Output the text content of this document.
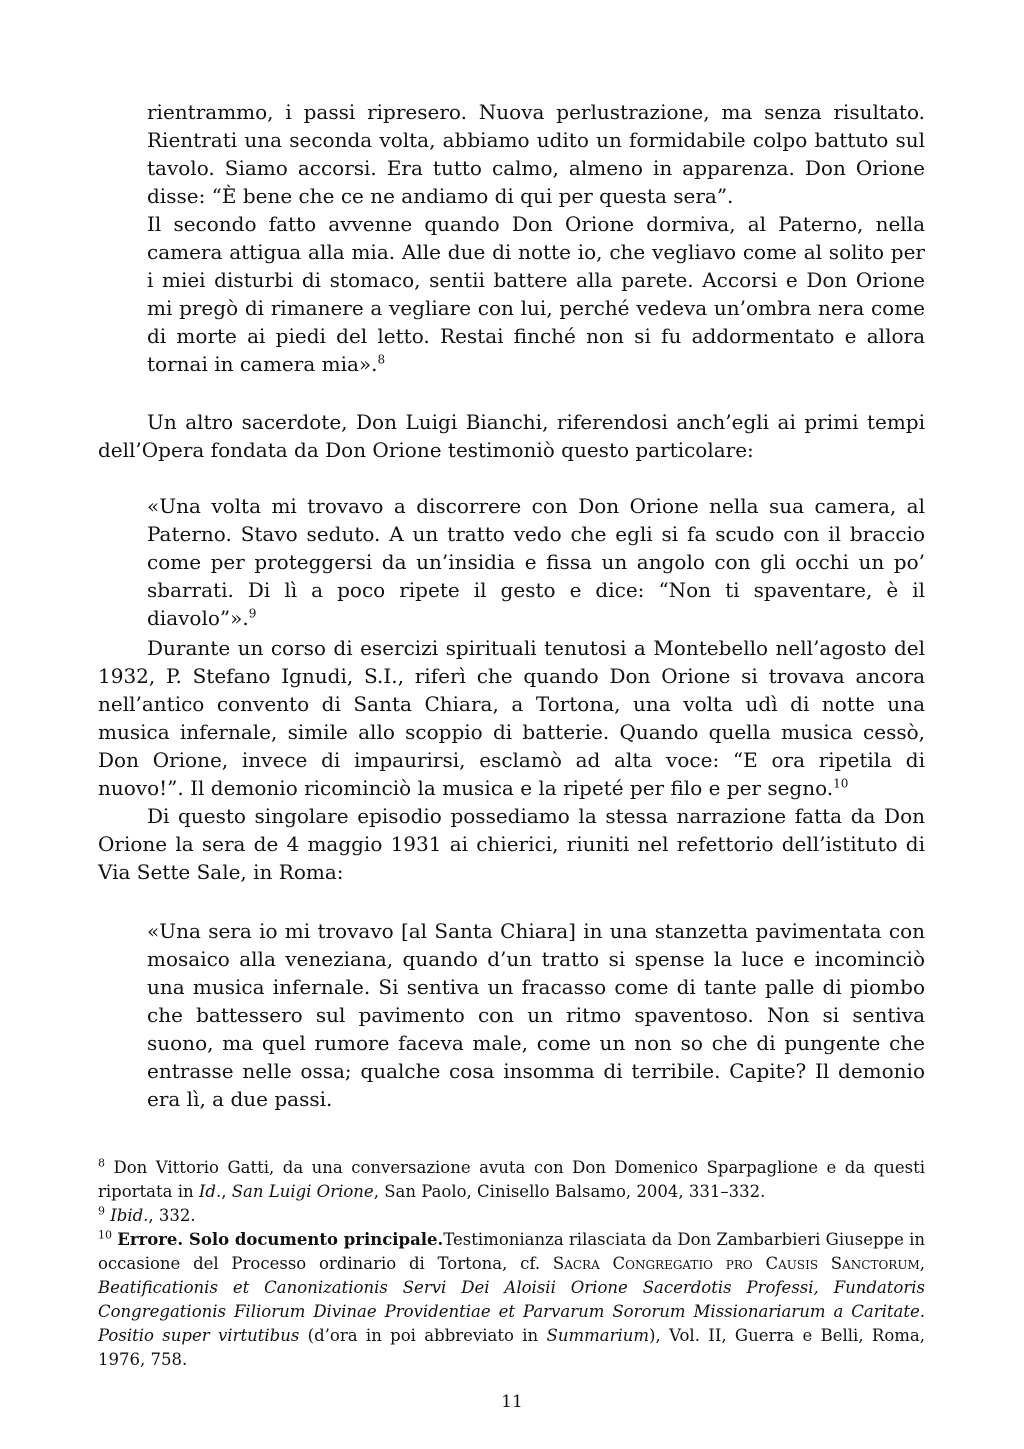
rientrammo, i passi ripresero. Nuova perlustrazione, ma senza risultato. Rientrati una seconda volta, abbiamo udito un formidabile colpo battuto sul tavolo. Siamo accorsi. Era tutto calmo, almeno in apparenza. Don Orione disse: “È bene che ce ne andiamo di qui per questa sera”.

Il secondo fatto avvenne quando Don Orione dormiva, al Paterno, nella camera attigua alla mia. Alle due di notte io, che vegliavo come al solito per i miei disturbi di stomaco, sentii battere alla parete. Accorsi e Don Orione mi pregò di rimanere a vegliare con lui, perché vedeva un’ombra nera come di morte ai piedi del letto. Restai finché non si fu addormentato e allora tornai in camera mia».$^8$

Un altro sacerdote, Don Luigi Bianchi, riferendosi anch’egli ai primi tempi dell’Opera fondata da Don Orione testimoniò questo particolare:

«Una volta mi trovavo a discorrere con Don Orione nella sua camera, al Paterno. Stavo seduto. A un tratto vedo che egli si fa scudo con il braccio come per proteggersi da un’insidia e fissa un angolo con gli occhi un po’ sbarrati. Di lì a poco ripete il gesto e dice: “Non ti spaventare, è il diavolo”».$^9$

Durante un corso di esercizi spirituali tenutosi a Montebello nell’agosto del 1932, P. Stefano Ignudi, S.I., riferì che quando Don Orione si trovava ancora nell’antico convento di Santa Chiara, a Tortona, una volta udì di notte una musica infernale, simile allo scoppio di batterie. Quando quella musica cessò, Don Orione, invece di impaurirsi, esclamò ad alta voce: “E ora ripetila di nuovo!”. Il demonio ricominciò la musica e la ripeté per filo e per segno.$^{10}$
Di questo singolare episodio possediamo la stessa narrazione fatta da Don Orione la sera de 4 maggio 1931 ai chierici, riuniti nel refettorio dell’istituto di Via Sette Sale, in Roma:
«Una sera io mi trovavo [al Santa Chiara] in una stanzetta pavimentata con mosaico alla veneziana, quando d’un tratto si spense la luce e incominciò una musica infernale. Si sentiva un fracasso come di tante palle di piombo che battessero sul pavimento con un ritmo spaventoso. Non si sentiva suono, ma quel rumore faceva male, come un non so che di pungente che entrasse nelle ossa; qualche cosa insomma di terribile. Capite? Il demonio era lì, a due passi.

$^8$ Don Vittorio Gatti, da una conversazione avuta con Don Domenico Sparpaglione e da questi riportata in Id., San Luigi Orione, San Paolo, Cinisello Balsamo, 2004, 331–332.

$^9$ Ibid., 332.

$^{10}$ Errore. Solo documento principale.Testimonianza rilasciata da Don Zambarbieri Giuseppe in occasione del Processo ordinario di Tortona, cf. Sacra Congregatio pro Causis Sanctorum, Beatificationis et Canonizationis Servi Dei Aloisii Orione Sacerdotis Professi, Fundatoris Congregationis Filiorum Divinae Providentiae et Parvarum Sororum Missionariarum a Caritate. Positio super virtutibus (d’ora in poi abbreviato in Summarium), Vol. II, Guerra e Belli, Roma, 1976, 758.

11
